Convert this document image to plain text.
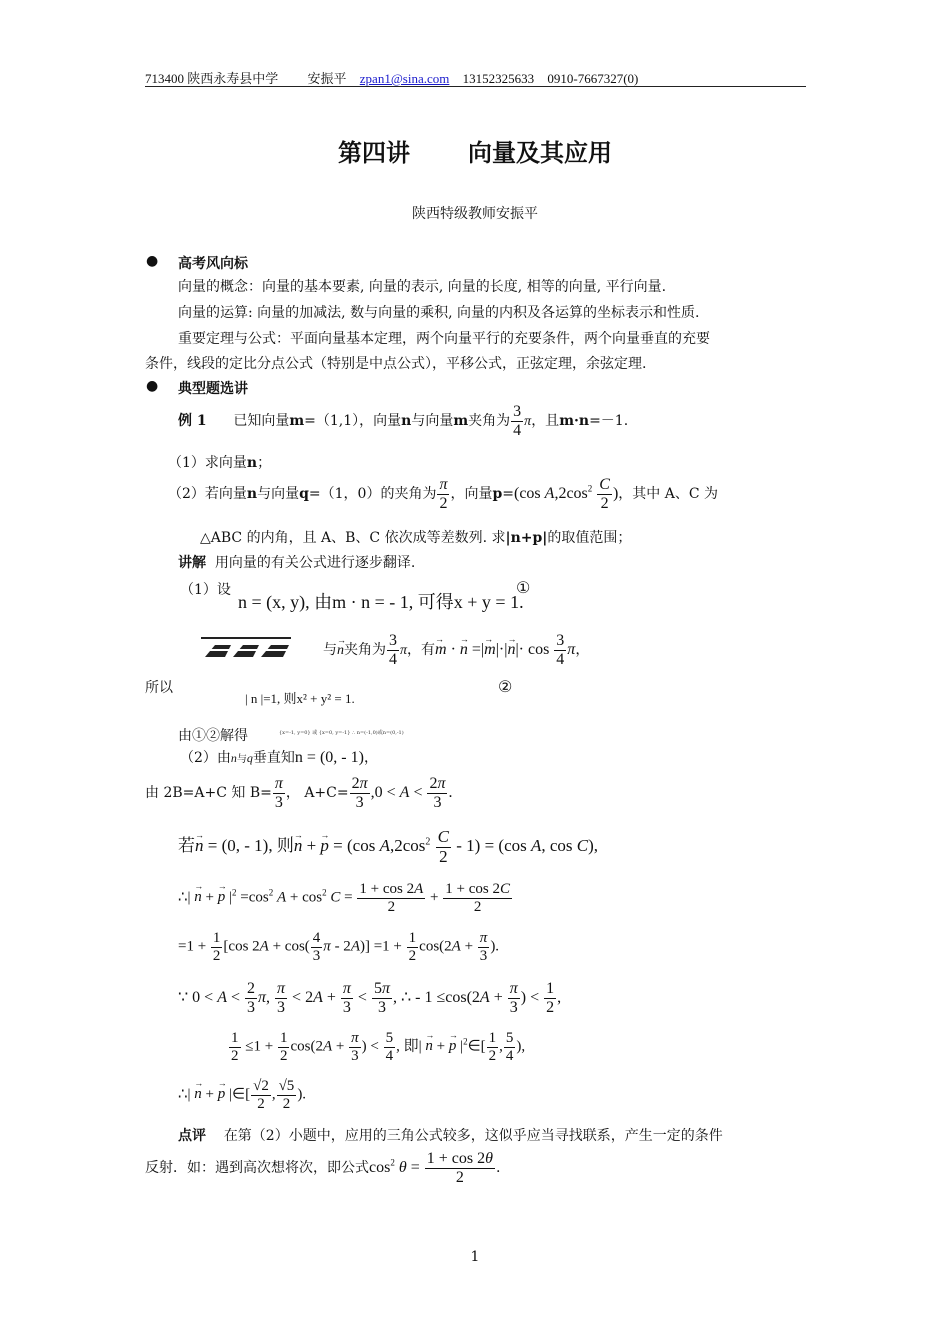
713400 陕西永寿县中学 安振平 zpan1@sina.com 13152325633 0910-7667327(0)
第四讲 向量及其应用
陕西特级教师安振平
● 高考风向标
向量的概念：向量的基本要素, 向量的表示, 向量的长度, 相等的向量, 平行向量.
向量的运算: 向量的加减法, 数与向量的乘积, 向量的内积及各运算的坐标表示和性质.
重要定理与公式：平面向量基本定理，两个向量平行的充要条件，两个向量垂直的充要
条件，线段的定比分点公式（特别是中点公式），平移公式，正弦定理，余弦定理.
● 典型题选讲
例 1 已知向量m=（1,1），向量n与向量m夹角为 $\frac{3}{4}$ π，且m·n=－1.
（1）求向量n；
（2）若向量n与向量q=（1，0）的夹角为 $\frac{\pi}{2}$ ，向量p=(cos $A,2\cos^2 \frac{C}{2}$ )，其中 A、C 为
△ABC 的内角，且 A、B、C 依次成等差数列. 求|n+p|的取值范围；
讲解 用向量的有关公式进行逐步翻译.
（1）设
n = (x, y), 由m · n = - 1, 可得x + y = 1.
①
与→ n夹角为 $\frac{3}{4}$ π，有→ m · → n =|→ $m|\cdot|\to n|\cdot \cos \frac{3}{4}$ π，
所以
| n |=1, 则x² + y² = 1.
②
由①②解得	{x=-1, y=0} 或 {x=0, y=-1} ∴ n=(-1,0)或n=(0,-1)
（2）由n与q垂直知n = (0, - 1)，
由 2B=A+C 知 $B= \frac{\pi}{3}$ ， $A+C= \frac{2\pi}{3} ,0 < A < \frac{2\pi}{3}$ .
若→ n = (0, - 1), 则→ n + → p = (cos $A,2\cos^2 \frac{C}{2} - 1) = (\cos$ A, cos C),
∴| → n + → p $|^2 =\cos^2$ $A + \cos^2 C = \frac{1 + \cos 2A}{2} + \frac{1 + \cos 2C}{2}$
$=1 + \frac{1}{2} [\cos$ $2A + \cos( \frac{4}{3}$ $\pi - 2A)] =1 + \frac{1}{2} \cos(2A + \frac{\pi}{3}$ ).
∵ $0 < A < \frac{2}{3} \pi$, $\frac{\pi}{3} < 2A + \frac{\pi}{3} < \frac{5\pi}{3}$ , ∴ - $1 \le\cos(2A + \frac{\pi}{3}$ ) < $\frac{1}{2}$ ,
$\frac{1}{2} \le 1 + \frac{1}{2} \cos(2A + \frac{\pi}{3}$ ) < $\frac{5}{4}$ , 即| → n + → p $|^2\in[ \frac{1}{2}$ , $\frac{5}{4}$ ),
∴| → n + → p |∈[ $\frac{√2}{2}$ , $\frac{√5}{2}$ ).
点评 在第（2）小题中，应用的三角公式较多，这似乎应当寻找联系，产生一定的条件
反射．如：遇到高次想将次，即公式$\cos^2 \theta = \frac{1 + \cos 2\theta}{2}$ .
1
